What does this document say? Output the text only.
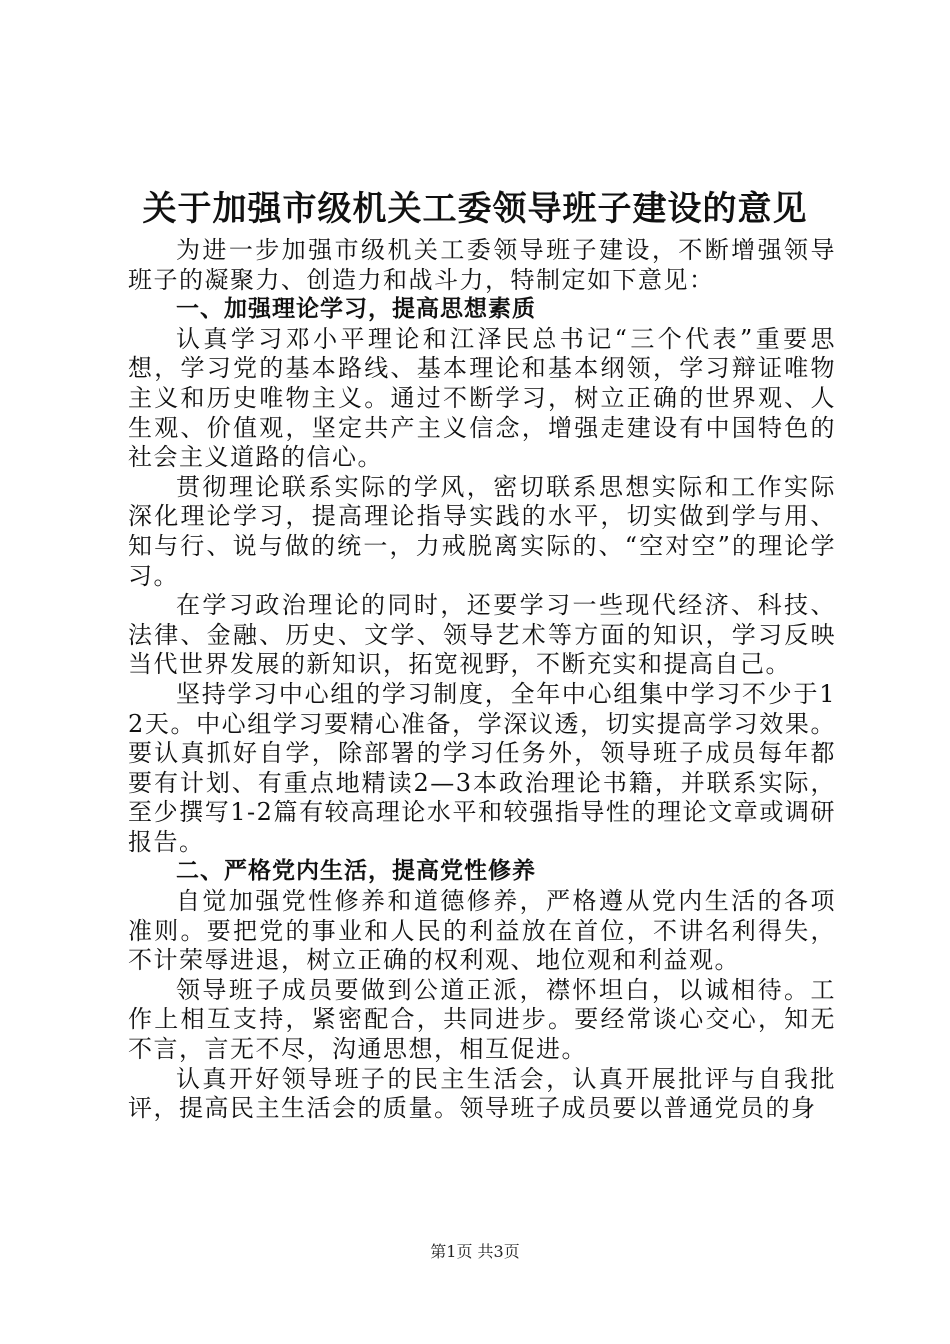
关于加强市级机关工委领导班子建设的意见

为进一步加强市级机关工委领导班子建设，不断增强领导班子的凝聚力、创造力和战斗力，特制定如下意见：

一、加强理论学习，提高思想素质

认真学习邓小平理论和江泽民总书记“三个代表”重要思想，学习党的基本路线、基本理论和基本纲领，学习辩证唯物主义和历史唯物主义。通过不断学习，树立正确的世界观、人生观、价值观，坚定共产主义信念，增强走建设有中国特色的社会主义道路的信心。

贯彻理论联系实际的学风，密切联系思想实际和工作实际深化理论学习，提高理论指导实践的水平，切实做到学与用、知与行、说与做的统一，力戒脱离实际的、“空对空”的理论学习。

在学习政治理论的同时，还要学习一些现代经济、科技、法律、金融、历史、文学、领导艺术等方面的知识，学习反映当代世界发展的新知识，拓宽视野，不断充实和提高自己。

坚持学习中心组的学习制度，全年中心组集中学习不少于12天。中心组学习要精心准备，学深议透，切实提高学习效果。要认真抓好自学，除部署的学习任务外，领导班子成员每年都要有计划、有重点地精读2—3本政治理论书籍，并联系实际，至少撰写1-2篇有较高理论水平和较强指导性的理论文章或调研报告。

二、严格党内生活，提高党性修养

自觉加强党性修养和道德修养，严格遵从党内生活的各项准则。要把党的事业和人民的利益放在首位，不讲名利得失，不计荣辱进退，树立正确的权利观、地位观和利益观。

领导班子成员要做到公道正派，襟怀坦白，以诚相待。工作上相互支持，紧密配合，共同进步。要经常谈心交心，知无不言，言无不尽，沟通思想，相互促进。

认真开好领导班子的民主生活会，认真开展批评与自我批评，提高民主生活会的质量。领导班子成员要以普通党员的身

第1页 共3页
